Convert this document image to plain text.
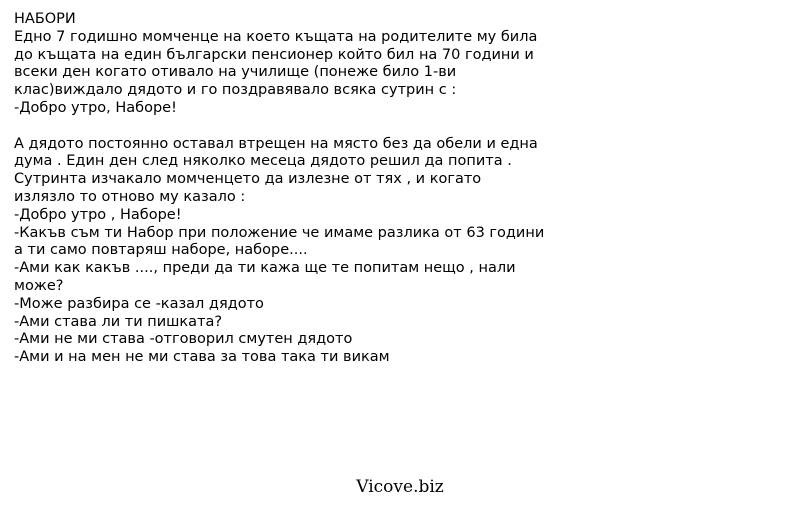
НАБОРИ
Едно 7 годишно момченце на което къщата на родителите му била
до къщата на един български пенсионер който бил на 70 години и
всеки ден когато отивало на училище (понеже било 1-ви
клас)виждало дядото и го поздравявало всяка сутрин с :
-Добро утро, Наборе!
А дядото постоянно оставал втрещен на място без да обели и една
дума . Един ден след няколко месеца дядото решил да попита .
Сутринта изчакало момченцето да излезне от тях , и когато
излязло то отново му казало :
-Добро утро , Наборе!
-Какъв съм ти Набор при положение че имаме разлика от 63 години
а ти само повтаряш наборе, наборе....
-Ами как какъв ...., преди да ти кажа ще те попитам нещо , нали
може?
-Може разбира се -казал дядото
-Ами става ли ти пишката?
-Ами не ми става -отговорил смутен дядото
-Ами и на мен не ми става за това така ти викам
Vicove.biz
